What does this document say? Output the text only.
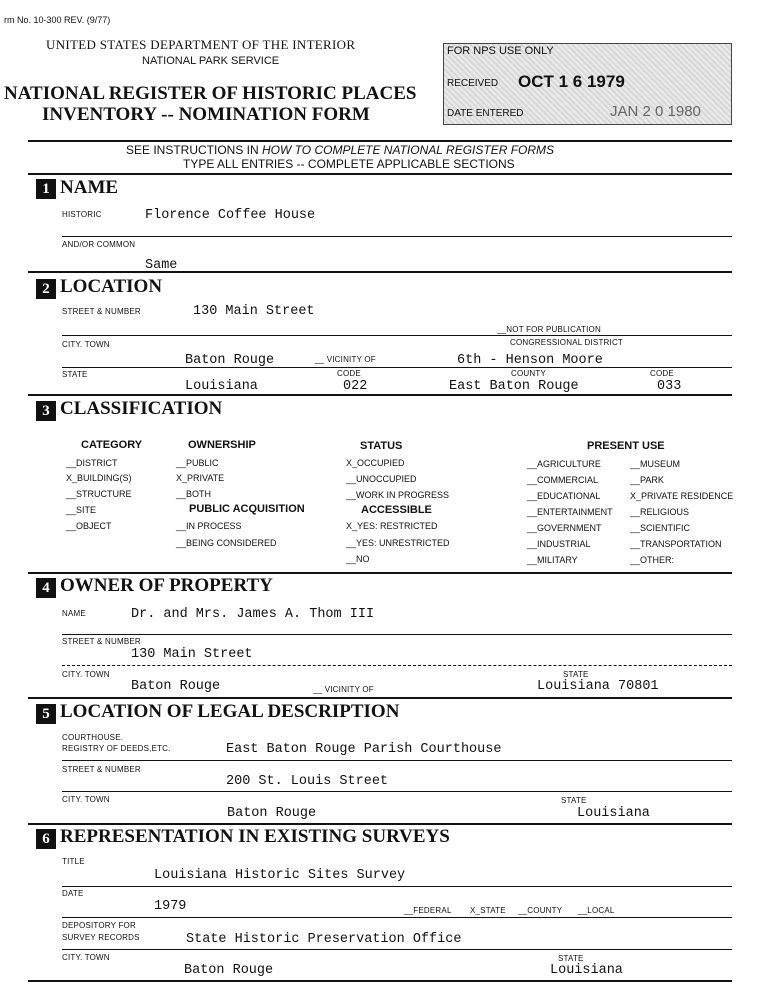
rm No. 10-300 REV. (9/77)
UNITED STATES DEPARTMENT OF THE INTERIOR
NATIONAL PARK SERVICE
NATIONAL REGISTER OF HISTORIC PLACES
INVENTORY -- NOMINATION FORM
FOR NPS USE ONLY
RECEIVED OCT 1 6 1979
DATE ENTERED	JAN 2 0 1980
SEE INSTRUCTIONS IN HOW TO COMPLETE NATIONAL REGISTER FORMS
TYPE ALL ENTRIES -- COMPLETE APPLICABLE SECTIONS
1 NAME
HISTORIC	Florence Coffee House
AND/OR COMMON
Same
2 LOCATION
STREET & NUMBER	130 Main Street
__NOT FOR PUBLICATION
CITY. TOWN	CONGRESSIONAL DISTRICT
Baton Rouge	__ VICINITY OF	6th - Henson Moore
STATE	CODE	COUNTY	CODE
Louisiana	022	East Baton Rouge	033
3 CLASSIFICATION
CATEGORY
__DISTRICT
X_BUILDING(S)
__STRUCTURE
__SITE
__OBJECT
OWNERSHIP
__PUBLIC
X_PRIVATE
__BOTH
PUBLIC ACQUISITION
__IN PROCESS
__BEING CONSIDERED
STATUS
X_OCCUPIED
__UNOCCUPIED
__WORK IN PROGRESS
ACCESSIBLE
X_YES: RESTRICTED
__YES: UNRESTRICTED
__NO
PRESENT USE
__AGRICULTURE
__COMMERCIAL
__EDUCATIONAL
__ENTERTAINMENT
__GOVERNMENT
__INDUSTRIAL
__MILITARY
__MUSEUM
__PARK
X_PRIVATE RESIDENCE
__RELIGIOUS
__SCIENTIFIC
__TRANSPORTATION
__OTHER:
4 OWNER OF PROPERTY
NAME	Dr. and Mrs. James A. Thom III
STREET & NUMBER
130 Main Street
CITY. TOWN	STATE
Baton Rouge	__ VICINITY OF	Louisiana 70801
5 LOCATION OF LEGAL DESCRIPTION
COURTHOUSE.
REGISTRY OF DEEDS,ETC.	East Baton Rouge Parish Courthouse
STREET & NUMBER
200 St. Louis Street
CITY. TOWN	STATE
Baton Rouge	Louisiana
6 REPRESENTATION IN EXISTING SURVEYS
TITLE
Louisiana Historic Sites Survey
DATE
1979	__FEDERAL X_STATE __COUNTY __LOCAL
DEPOSITORY FOR
SURVEY RECORDS	State Historic Preservation Office
CITY. TOWN	STATE
Baton Rouge	Louisiana
